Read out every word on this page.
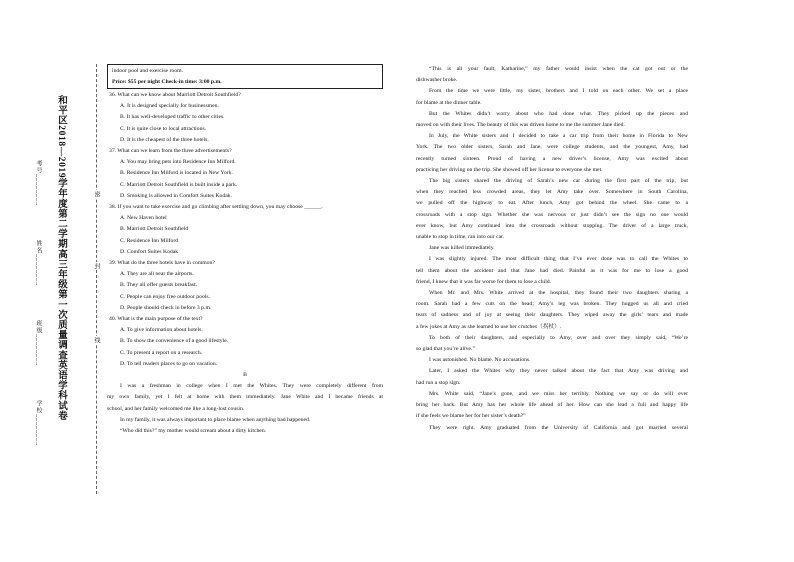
和平区2018—2019学年度第二学期高三年级第一次质量调查英语学科试卷
学校________
班级________
姓名________
考号________	密
封
线
indoor pool and exercise room.
Price: $55 per night Check-in time: 3:00 p.m.
36. What can we know about Marriott Detroit Southfield?
A. It is designed specially for businessmen.
B. It has well-developed traffic to other cities.
C. It is quite close to local attractions.
D. It is the cheapest of the three hotels.
37. What can we learn from the three advertisements?
A. You may bring pets into Residence Inn Milford.
B. Residence Inn Milford is located in New York.
C. Marriott Detroit Southfield is built inside a park.
D. Smoking is allowed in Comfort Suites Kodak.
38. If you want to take exercise and go climbing after settling down, you may choose ______.
A. New Haven hotel
B. Marriott Detroit Southfield
C. Residence Inn Milford
D. Comfort Suites Kodak
39. What do the three hotels have in common?
A. They are all near the airports.
B. They all offer guests breakfast.
C. People can enjoy free outdoor pools.
D. People should check in before 3 p.m.
40. What is the main purpose of the text?
A. To give information about hotels.
B. To show the convenience of a good lifestyle.
C. To present a report on a research.
D. To tell readers places to go on vacation.
B
I was a freshman in college when I met the Whites. They were completely different from
my own family, yet I felt at home with them immediately. Jane White and I became friends at
school, and her family welcomed me like a long-lost cousin.
In my family, it was always important to place blame when anything bad happened.
“Who did this?” my mother would scream about a dirty kitchen.
“This is all your fault, Katharine,” my father would insist when the cat got out or the
dishwasher broke.
From the time we were little, my sister, brothers and I told on each other. We set a place
for blame at the dinner table.
But the Whites didn’t worry about who had done what. They picked up the pieces and
moved on with their lives. The beauty of this was driven home to me the summer Jane died.
In July, the White sisters and I decided to take a car trip from their home in Florida to New
York. The two older sisters, Sarah and Jane, were college students, and the youngest, Amy, had
recently turned sixteen. Proud of having a new driver’s license, Amy was excited about
practicing her driving on the trip. She showed off her license to everyone she met.
The big sisters shared the driving of Sarah’s new car during the first part of the trip, but
when they reached less crowded areas, they let Amy take over. Somewhere in South Carolina,
we pulled off the highway to eat. After lunch, Amy got behind the wheel. She came to a
crossroads with a stop sign. Whether she was nervous or just didn’t see the sign no one would
ever know, but Amy continued into the crossroads without stopping. The driver of a large truck,
unable to stop in time, ran into our car.
Jane was killed immediately.
I was slightly injured. The most difficult thing that I’ve ever done was to call the Whites to
tell them about the accident and that Jane had died. Painful as it was for me to lose a good
friend, I knew that it was far worse for them to lose a child.
When Mr. and Mrs. White arrived at the hospital, they found their two daughters sharing a
room. Sarah had a few cuts on the head; Amy’s leg was broken. They hugged us all and cried
tears of sadness and of joy at seeing their daughters. They wiped away the girls’ tears and made
a few jokes at Amy as she learned to use her crutches（拐杖）.
To both of their daughters, and especially to Amy, over and over they simply said, “We’re
so glad that you’re alive.”
I was astonished. No blame. No accusations.
Later, I asked the Whites why they never talked about the fact that Amy was driving and
had run a stop sign.
Mrs. White said, “Jane’s gone, and we miss her terribly. Nothing we say or do will ever
bring her back. But Amy has her whole life ahead of her. How can she lead a full and happy life
if she feels we blame her for her sister’s death?”
They were right. Amy graduated from the University of California and got married several
